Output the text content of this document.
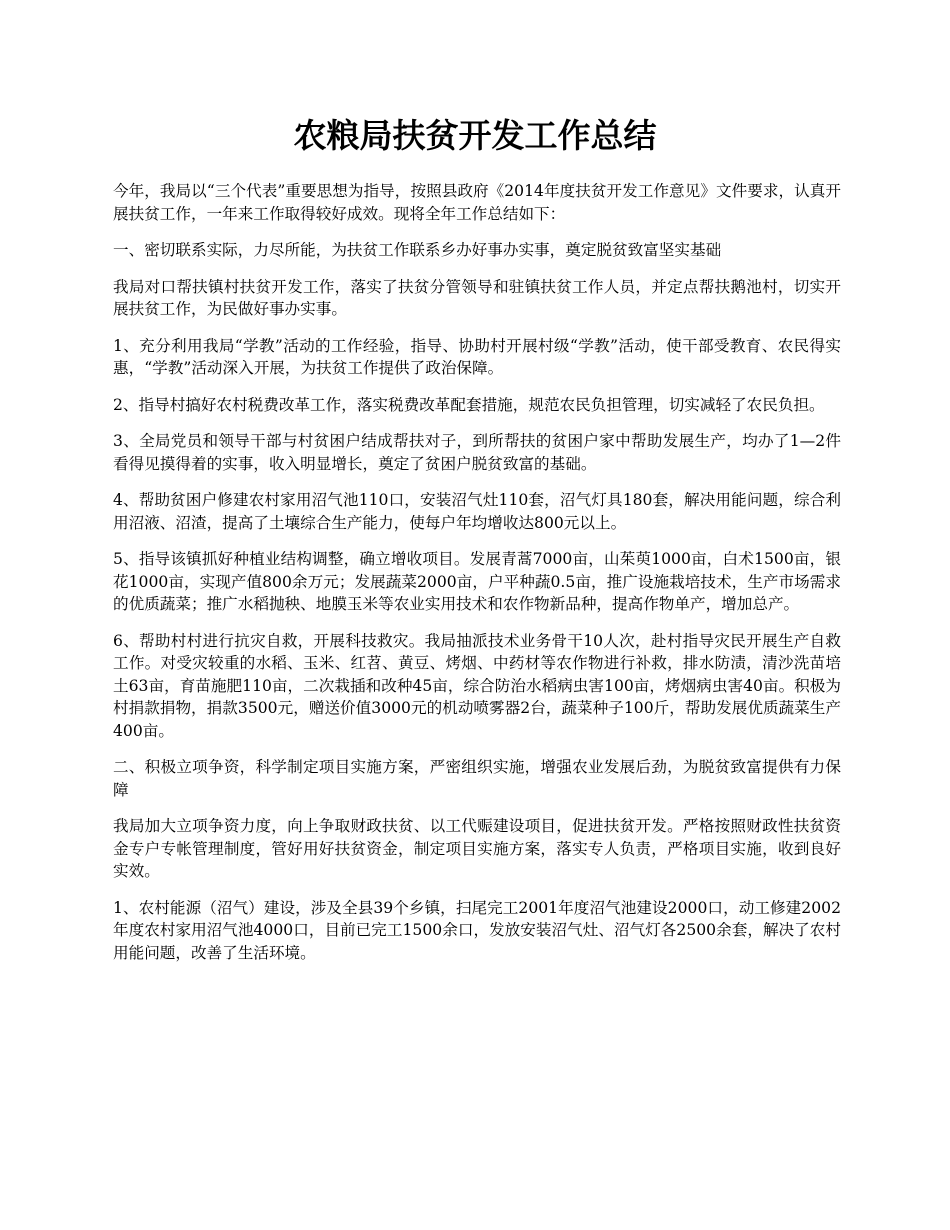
农粮局扶贫开发工作总结

今年，我局以“三个代表”重要思想为指导，按照县政府《2014年度扶贫开发工作意见》文件要求，认真开展扶贫工作，一年来工作取得较好成效。现将全年工作总结如下：

一、密切联系实际，力尽所能，为扶贫工作联系乡办好事办实事，奠定脱贫致富坚实基础

我局对口帮扶镇村扶贫开发工作，落实了扶贫分管领导和驻镇扶贫工作人员，并定点帮扶鹅池村，切实开展扶贫工作，为民做好事办实事。

1、充分利用我局“学教”活动的工作经验，指导、协助村开展村级“学教”活动，使干部受教育、农民得实惠，“学教”活动深入开展，为扶贫工作提供了政治保障。

2、指导村搞好农村税费改革工作，落实税费改革配套措施，规范农民负担管理，切实减轻了农民负担。

3、全局党员和领导干部与村贫困户结成帮扶对子，到所帮扶的贫困户家中帮助发展生产，均办了1—2件看得见摸得着的实事，收入明显增长，奠定了贫困户脱贫致富的基础。

4、帮助贫困户修建农村家用沼气池110口，安装沼气灶110套，沼气灯具180套，解决用能问题，综合利用沼液、沼渣，提高了土壤综合生产能力，使每户年均增收达800元以上。

5、指导该镇抓好种植业结构调整，确立增收项目。发展青蒿7000亩，山茱萸1000亩，白术1500亩，银花1000亩，实现产值800余万元；发展蔬菜2000亩，户平种蔬0.5亩，推广设施栽培技术，生产市场需求的优质蔬菜；推广水稻抛秧、地膜玉米等农业实用技术和农作物新品种，提高作物单产，增加总产。

6、帮助村村进行抗灾自救，开展科技救灾。我局抽派技术业务骨干10人次，赴村指导灾民开展生产自救工作。对受灾较重的水稻、玉米、红苕、黄豆、烤烟、中药材等农作物进行补救，排水防渍，清沙洗苗培土63亩，育苗施肥110亩，二次栽插和改种45亩，综合防治水稻病虫害100亩，烤烟病虫害40亩。积极为村捐款捐物，捐款3500元，赠送价值3000元的机动喷雾器2台，蔬菜种子100斤，帮助发展优质蔬菜生产400亩。

二、积极立项争资，科学制定项目实施方案，严密组织实施，增强农业发展后劲，为脱贫致富提供有力保障

我局加大立项争资力度，向上争取财政扶贫、以工代赈建设项目，促进扶贫开发。严格按照财政性扶贫资金专户专帐管理制度，管好用好扶贫资金，制定项目实施方案，落实专人负责，严格项目实施，收到良好实效。

1、农村能源（沼气）建设，涉及全县39个乡镇，扫尾完工2001年度沼气池建设2000口，动工修建2002年度农村家用沼气池4000口，目前已完工1500余口，发放安装沼气灶、沼气灯各2500余套，解决了农村用能问题，改善了生活环境。
